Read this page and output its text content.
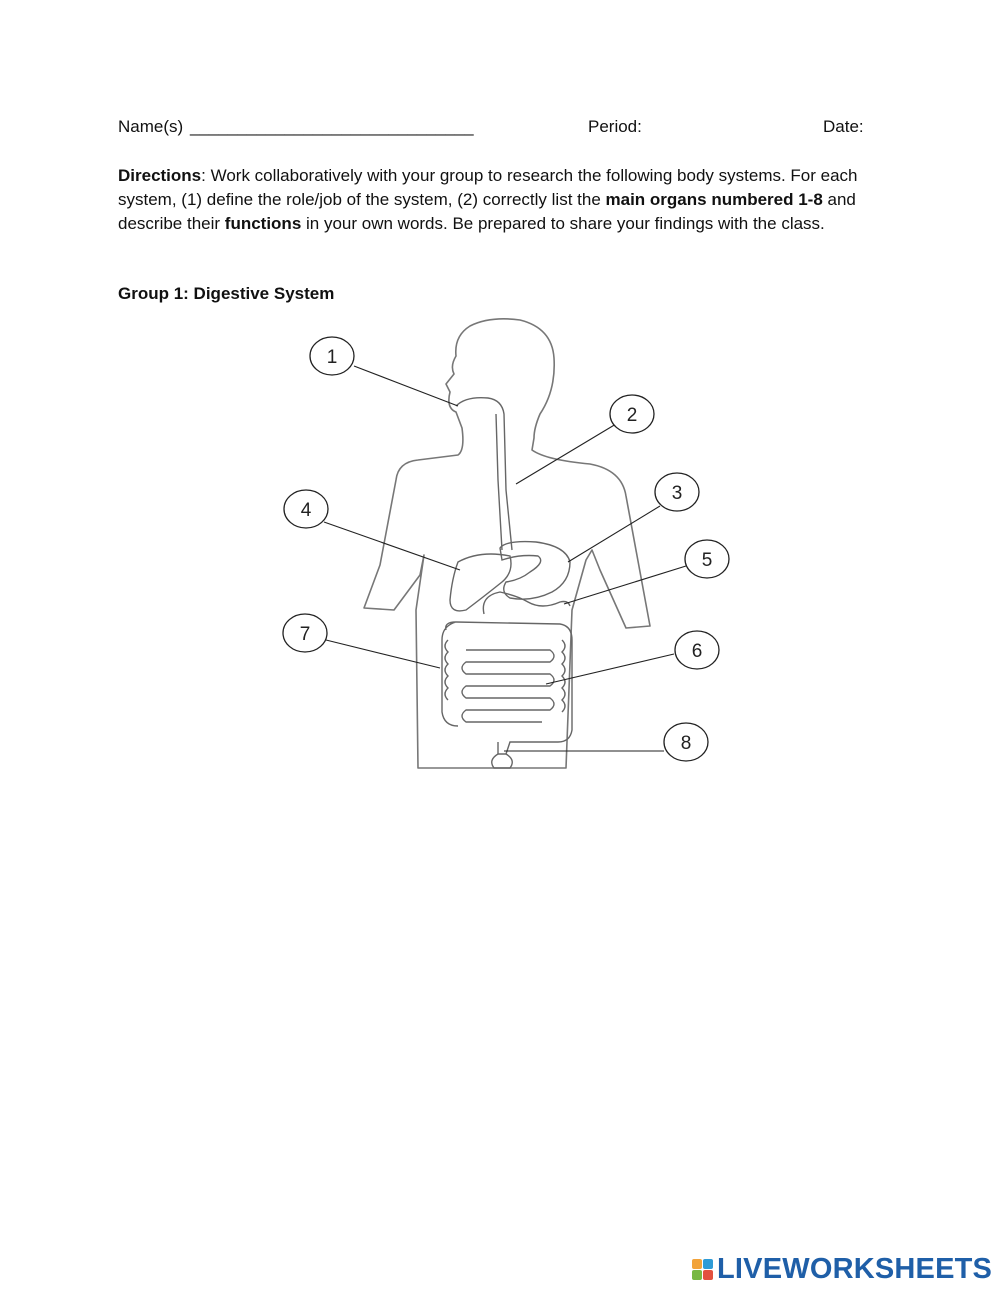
Name(s) ______________________________	Period:	Date:
Directions: Work collaboratively with your group to research the following body systems. For each system, (1) define the role/job of the system, (2) correctly list the main organs numbered 1-8 and describe their functions in your own words. Be prepared to share your findings with the class.
Group 1: Digestive System
1
2
3
4
5
6
7
8
LIVEWORKSHEETS
